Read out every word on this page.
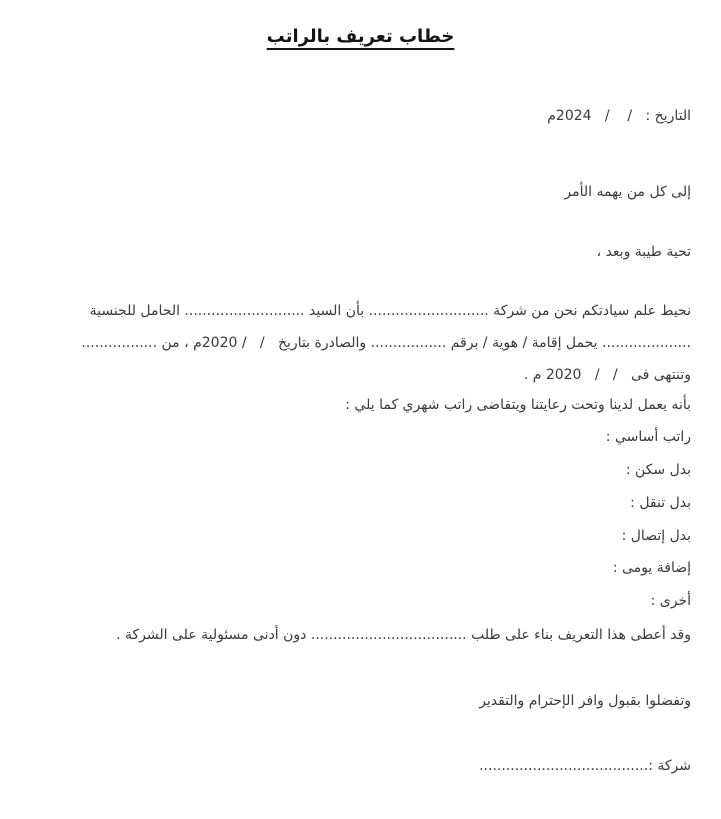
خطاب تعريف بالراتب
التاريخ :   /    /   2024م
إلى كل من يهمه الأمر
تحية طيبة وبعد ،
نحيط علم سيادتكم نحن من شركة ........................... بأن السيد ........................... الحامل للجنسية
.................... يحمل إقامة / هوية / برقم ................. والصادرة بتاريخ   /   / 2020م ، من .................
وتنتهى فى   /   /   2020 م .
بأنه يعمل لدينا وتحت رعايتنا ويتقاضى راتب شهري كما يلي :
راتب أساسي :
بدل سكن :
بدل تنقل :
بدل إتصال :
إضافة يومى :
أخرى :
وقد أعطى هذا التعريف بناء على طلب ................................... دون أدنى مسئولية على الشركة .
وتفضلوا بقبول وافر الإحترام والتقدير
شركة :......................................
